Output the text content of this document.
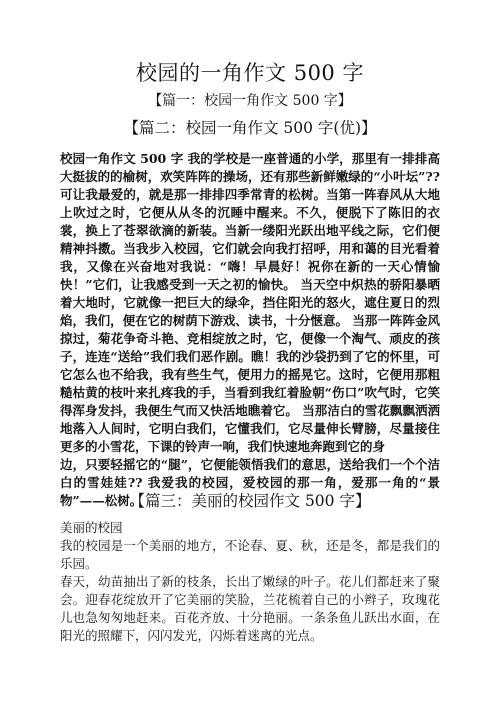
校园的一角作文 500 字
【篇一：校园一角作文 500 字】
【篇二：校园一角作文 500 字(优)】

校园一角作文 500 字 我的学校是一座普通的小学，那里有一排排高大挺拔的的榆树，欢笑阵阵的操场，还有那些新鲜嫩绿的“小叶坛”??可让我最爱的，就是那一排排四季常青的松树。当第一阵春风从大地上吹过之时，它便从从冬的沉睡中醒来。不久，便脱下了陈旧的衣裳，换上了苍翠欲滴的新装。当新一缕阳光跃出地平线之际，它们便精神抖擞。当我步入校园，它们就会向我打招呼，用和蔼的目光看着我，又像在兴奋地对我说：“嗨！早晨好！祝你在新的一天心情愉快！”它们，让我感受到一天之初的愉快。 当天空中炽热的骄阳暴晒着大地时，它就像一把巨大的绿伞，挡住阳光的怒火，遮住夏日的烈焰，我们，便在它的树荫下游戏、读书，十分惬意。 当那一阵阵金风掠过，菊花争奇斗艳、竞相绽放之时，它，便像一个淘气、顽皮的孩子，连连“送给”我们我们恶作剧。瞧！我的沙袋扔到了它的怀里，可它怎么也不给我，我有些生气，便用力的摇晃它。这时，它便用那粗糙枯黄的枝叶来扎疼我的手，当看到我红着脸朝“伤口”吹气时，它笑得浑身发抖，我便生气而又快活地瞧着它。 当那洁白的雪花飘飘洒洒地落入人间时，它明白我们，它懂我们，它尽量伸长臂膀，尽量接住更多的小雪花，下课的铃声一响，我们快速地奔跑到它的身

边，只要轻摇它的“腿”，它便能领悟我们的意思，送给我们一个个洁白的雪娃娃?? 我爱我的校园，爱校园的那一角，爱那一角的“景物”——松树。

【篇三：美丽的校园作文 500 字】

美丽的校园

我的校园是一个美丽的地方，不论春、夏、秋，还是冬，都是我们的乐园。

春天，幼苗抽出了新的枝条，长出了嫩绿的叶子。花儿们都赶来了聚会。迎春花绽放开了它美丽的笑脸，兰花梳着自己的小辫子，玫瑰花儿也急匆匆地赶来。百花齐放、十分艳丽。一条条鱼儿跃出水面，在阳光的照耀下，闪闪发光，闪烁着迷离的光点。
